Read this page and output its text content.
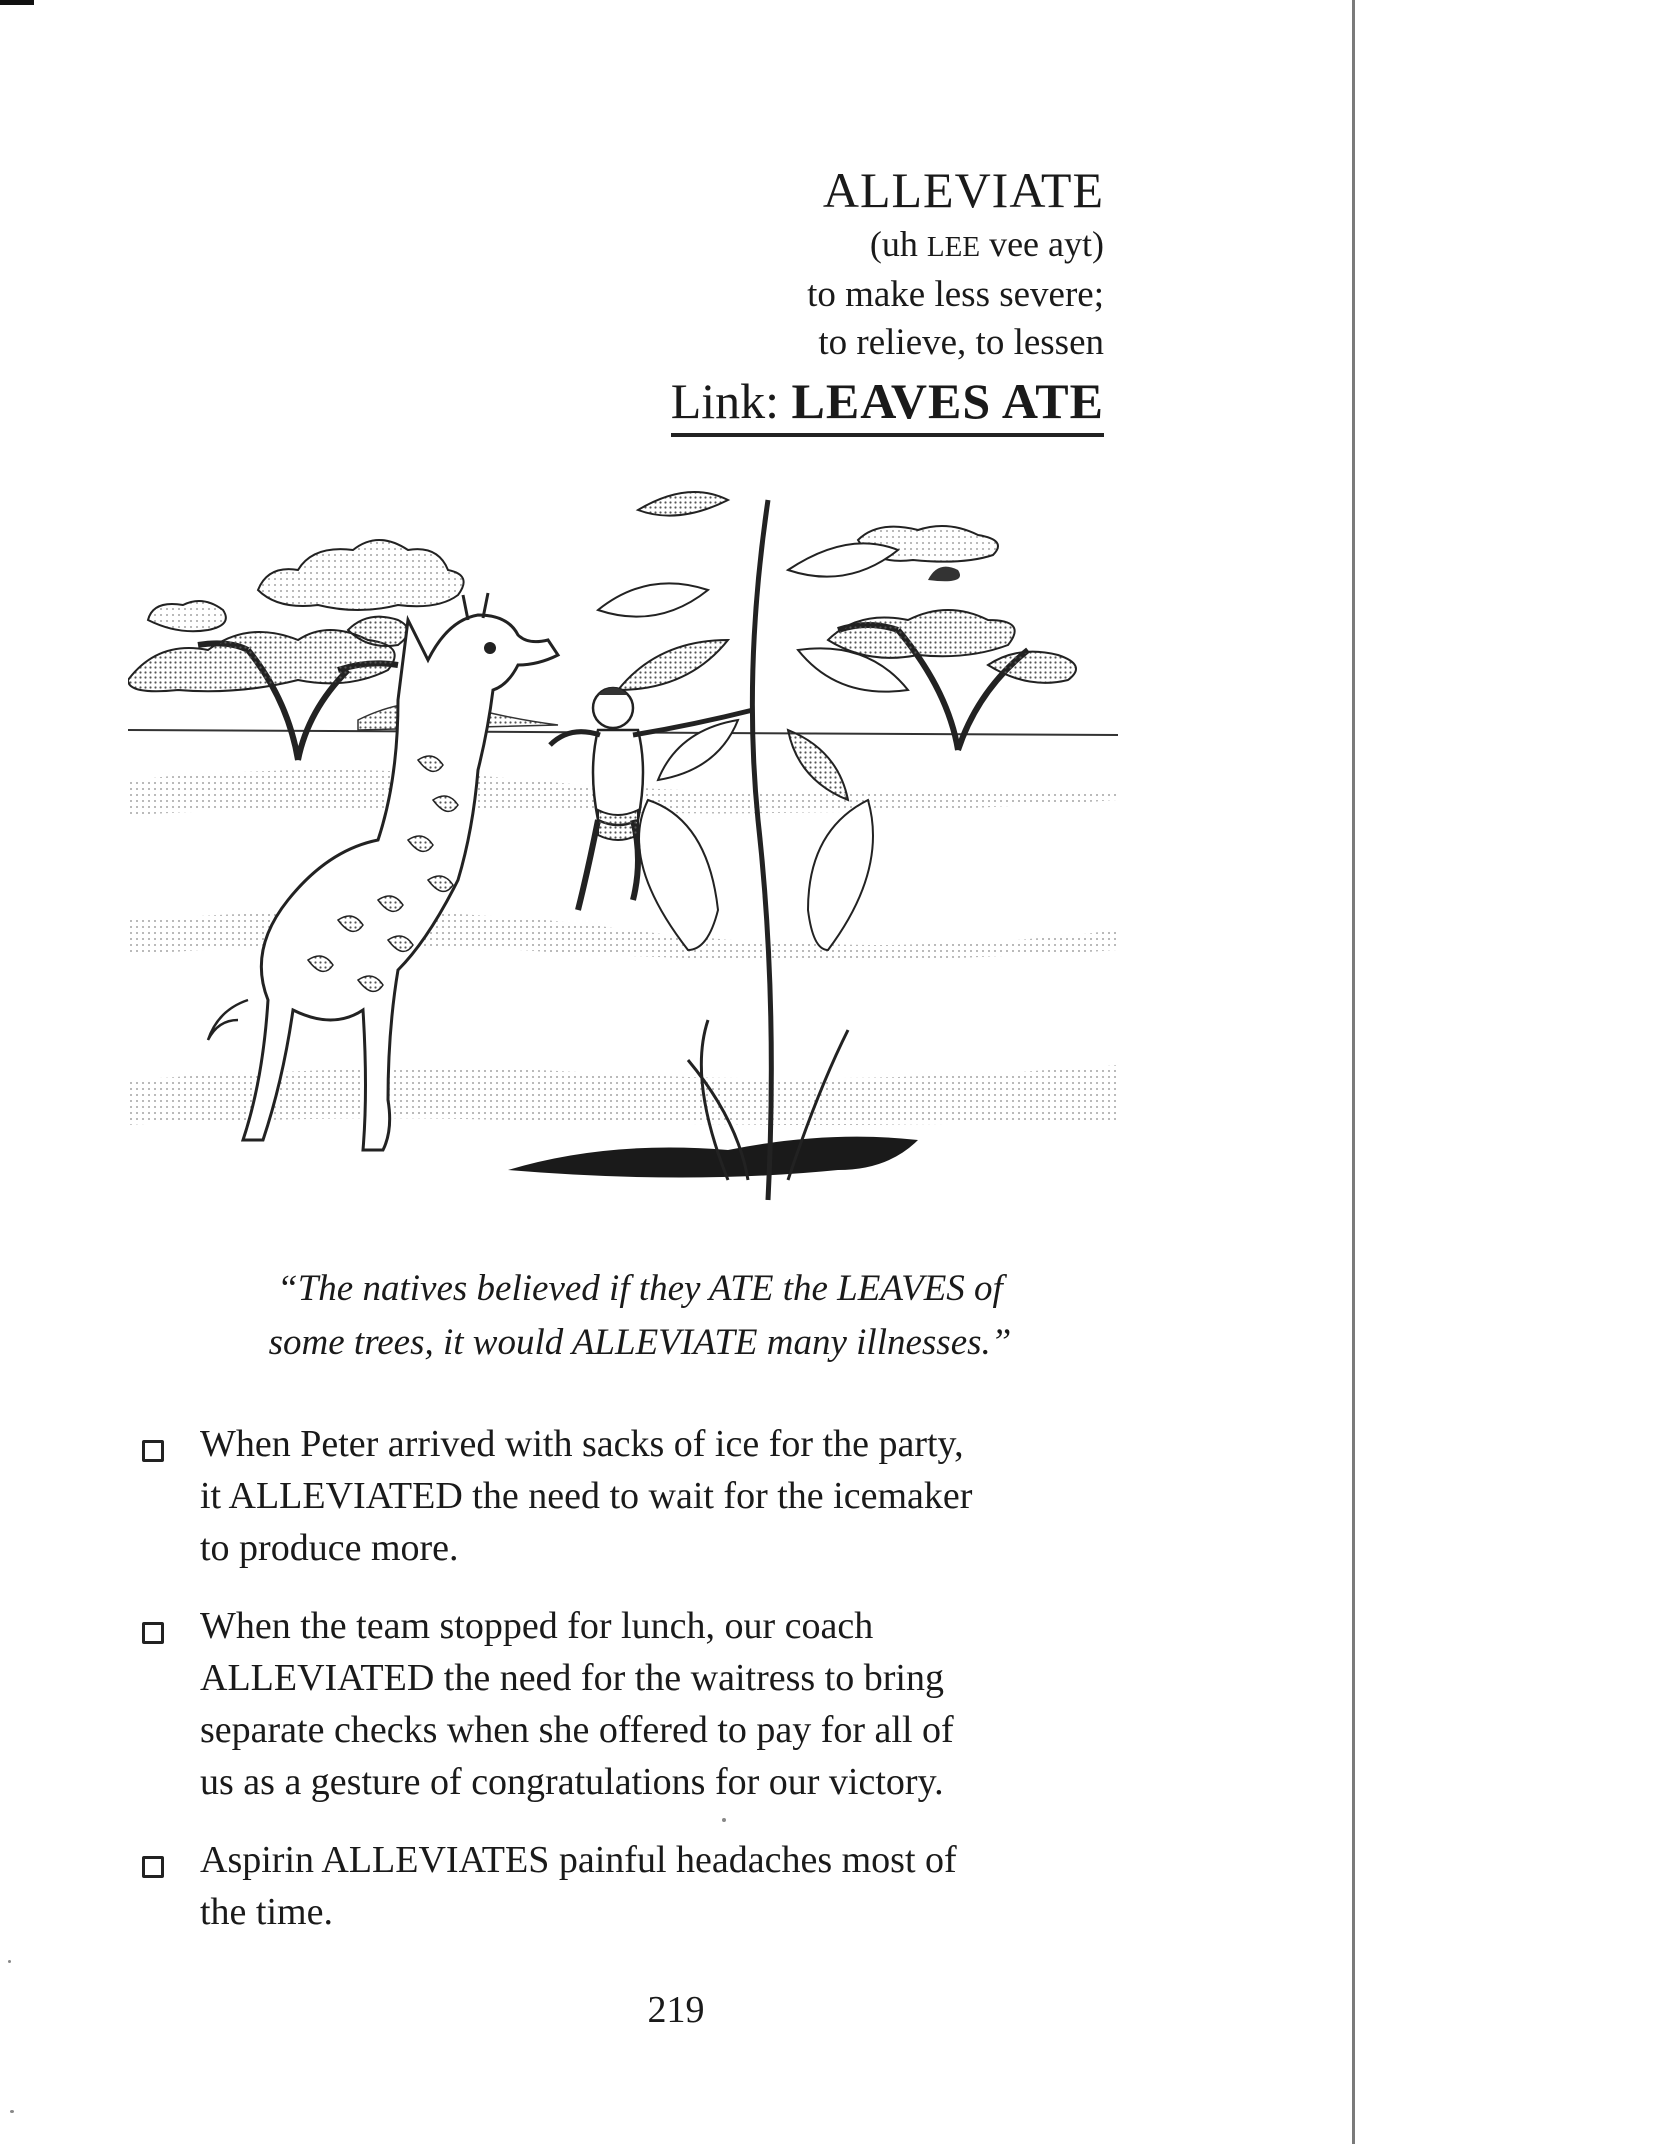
ALLEVIATE
(uh LEE vee ayt)
to make less severe;
to relieve, to lessen
Link: LEAVES ATE
“The natives believed if they ATE the LEAVES of
some trees, it would ALLEVIATE many illnesses.”
When Peter arrived with sacks of ice for the party,
it ALLEVIATED the need to wait for the icemaker
to produce more.
When the team stopped for lunch, our coach
ALLEVIATED the need for the waitress to bring
separate checks when she offered to pay for all of
us as a gesture of congratulations for our victory.
Aspirin ALLEVIATES painful headaches most of
the time.
219
